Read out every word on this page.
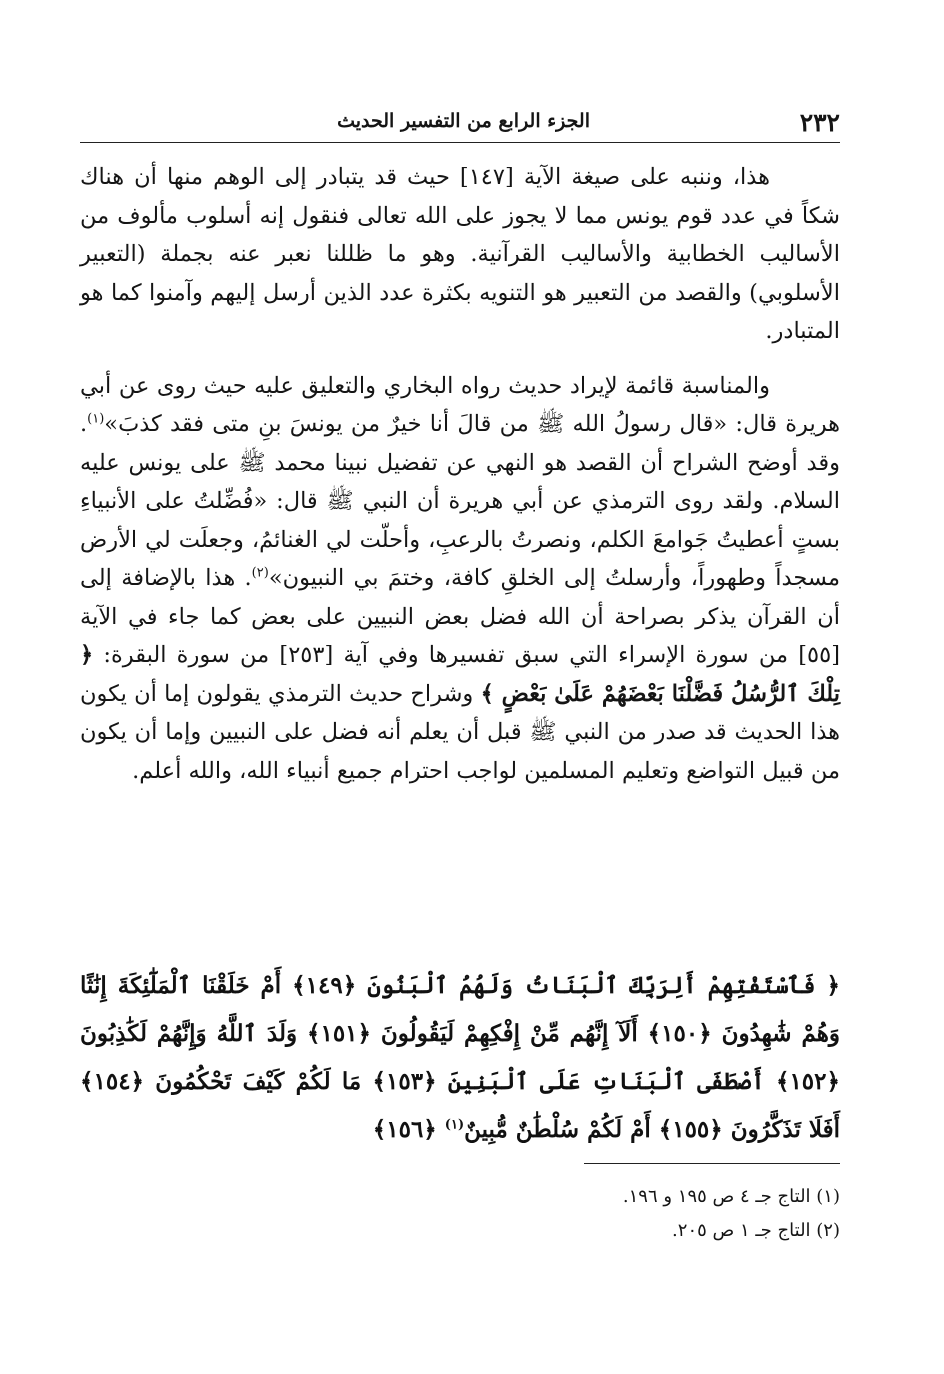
٢٣٢
الجزء الرابع من التفسير الحديث

هذا، وننبه على صيغة الآية [١٤٧] حيث قد يتبادر إلى الوهم منها أن هناك شكاً في عدد قوم يونس مما لا يجوز على الله تعالى فنقول إنه أسلوب مألوف من الأساليب الخطابية والأساليب القرآنية. وهو ما ظللنا نعبر عنه بجملة (التعبير الأسلوبي) والقصد من التعبير هو التنويه بكثرة عدد الذين أرسل إليهم وآمنوا كما هو المتبادر.

والمناسبة قائمة لإيراد حديث رواه البخاري والتعليق عليه حيث روى عن أبي هريرة قال: «قال رسولُ الله ﷺ من قالَ أنا خيرٌ من يونسَ بنِ متى فقد كذبَ»$^{(١)}$. وقد أوضح الشراح أن القصد هو النهي عن تفضيل نبينا محمد ﷺ على يونس عليه السلام. ولقد روى الترمذي عن أبي هريرة أن النبي ﷺ قال: «فُضِّلتُ على الأنبياءِ بستٍ أعطيتُ جَوامعَ الكلم، ونصرتُ بالرعبِ، وأحلّت لي الغنائمُ، وجعلَت لي الأرض مسجداً وطهوراً، وأرسلتُ إلى الخلقِ كافة، وختمَ بي النبيون»$^{(٢)}$. هذا بالإضافة إلى أن القرآن يذكر بصراحة أن الله فضل بعض النبيين على بعض كما جاء في الآية [٥٥] من سورة الإسراء التي سبق تفسيرها وفي آية [٢٥٣] من سورة البقرة: ﴿ تِلْكَ ٱلرُّسُلُ فَضَّلْنَا بَعْضَهُمْ عَلَىٰ بَعْضٍ ﴾ وشراح حديث الترمذي يقولون إما أن يكون هذا الحديث قد صدر من النبي ﷺ قبل أن يعلم أنه فضل على النبيين وإما أن يكون من قبيل التواضع وتعليم المسلمين لواجب احترام جميع أنبياء الله، والله أعلم.

﴿ فَٱسْتَفْتِهِمْ أَلِرَبِّكَ ٱلْبَنَاتُ وَلَهُمُ ٱلْبَنُونَ ﴿١٤٩﴾ أَمْ خَلَقْنَا ٱلْمَلَٰٓئِكَةَ إِنَٰثًا وَهُمْ شَٰهِدُونَ ﴿١٥٠﴾ أَلَآ إِنَّهُم مِّنْ إِفْكِهِمْ لَيَقُولُونَ ﴿١٥١﴾ وَلَدَ ٱللَّهُ وَإِنَّهُمْ لَكَٰذِبُونَ ﴿١٥٢﴾ أَصْطَفَى ٱلْبَنَاتِ عَلَى ٱلْبَنِينَ ﴿١٥٣﴾ مَا لَكُمْ كَيْفَ تَحْكُمُونَ ﴿١٥٤﴾ أَفَلَا تَذَكَّرُونَ ﴿١٥٥﴾ أَمْ لَكُمْ سُلْطَٰنٌ مُّبِينٌ$^{(١)}$ ﴿١٥٦﴾

(١) التاج جـ ٤ ص ١٩٥ و ١٩٦.

(٢) التاج جـ ١ ص ٢٠٥.
